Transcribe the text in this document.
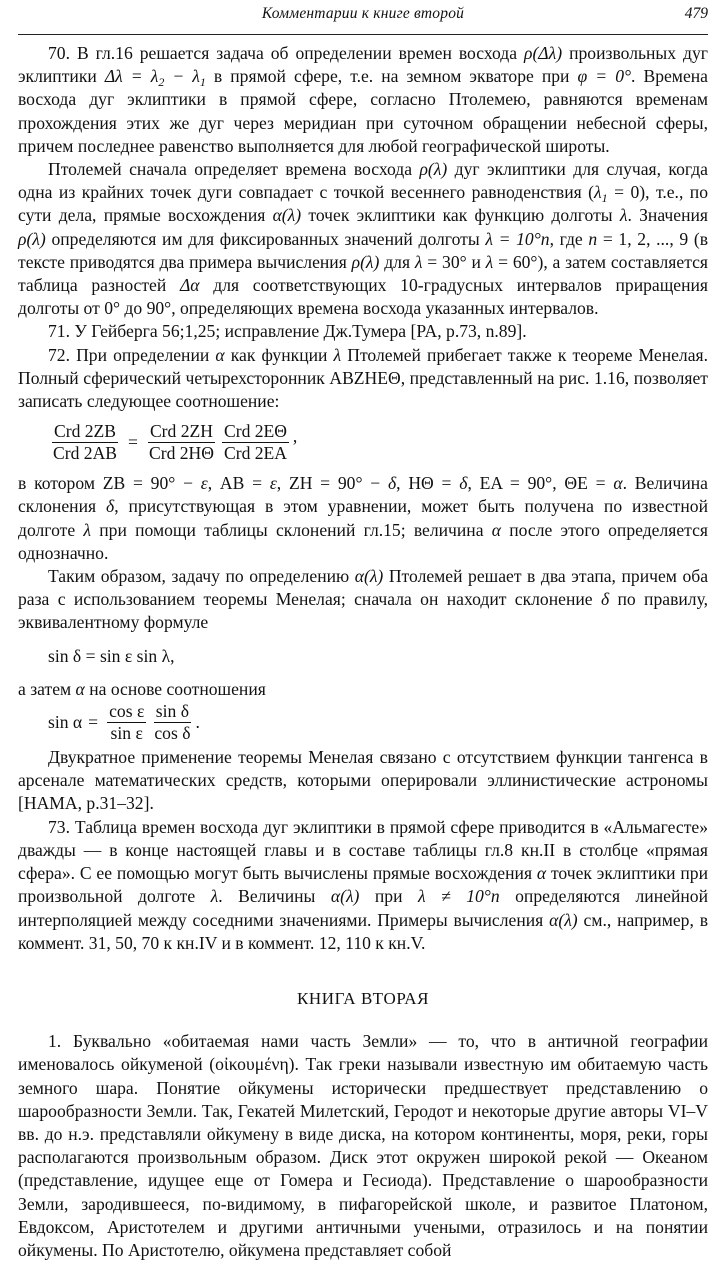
Комментарии к книге второй	479

70. В гл.16 решается задача об определении времен восхода ρ(Δλ) произвольных дуг эклиптики $\Delta\lambda = \lambda_2 - \lambda_1$ в прямой сфере, т.е. на земном экваторе при φ = 0°. Времена восхода дуг эклиптики в прямой сфере, согласно Птолемею, равняются временам прохождения этих же дуг через меридиан при суточном обращении небесной сферы, причем последнее равенство выполняется для любой географической широты.

Птолемей сначала определяет времена восхода ρ(λ) дуг эклиптики для случая, когда одна из крайних точек дуги совпадает с точкой весеннего равноденствия $(\lambda_1 = 0)$, т.е., по сути дела, прямые восхождения α(λ) точек эклиптики как функцию долготы λ. Значения ρ(λ) определяются им для фиксированных значений долготы λ = 10°n, где n = 1, 2, ..., 9 (в тексте приводятся два примера вычисления ρ(λ) для λ = 30° и λ = 60°), а затем составляется таблица разностей Δα для соответствующих 10-градусных интервалов приращения долготы от 0° до 90°, определяющих времена восхода указанных интервалов.

71. У Гейберга 56;1,25; исправление Дж.Тумера [PA, p.73, n.89].

72. При определении α как функции λ Птолемей прибегает также к теореме Менелая. Полный сферический четырехсторонник ABZHEΘ, представленный на рис. 1.16, позволяет записать следующее соотношение:

$\frac{\text{Crd 2ZB}}{\text{Crd 2AB}} = \frac{\text{Crd 2ZH}}{\text{Crd 2HΘ}} \frac{\text{Crd 2EΘ}}{\text{Crd 2EA}}$ ’

в котором ZB = 90° − ε, AB = ε, ZH = 90° − δ, HΘ = δ, EA = 90°, ΘE = α. Величина склонения δ, присутствующая в этом уравнении, может быть получена по известной долготе λ при помощи таблицы склонений гл.15; величина α после этого определяется однозначно.

Таким образом, задачу по определению α(λ) Птолемей решает в два этапа, причем оба раза с использованием теоремы Менелая; сначала он находит склонение δ по правилу, эквивалентному формуле

sin δ = sin ε sin λ,

а затем α на основе соотношения

$\sin \alpha = \frac{\text{cos ε}}{\text{sin ε}} \frac{\text{sin δ}}{\text{cos δ}}$ .

Двукратное применение теоремы Менелая связано с отсутствием функции тангенса в арсенале математических средств, которыми оперировали эллинистические астрономы [HAMA, p.31–32].

73. Таблица времен восхода дуг эклиптики в прямой сфере приводится в «Альмагесте» дважды — в конце настоящей главы и в составе таблицы гл.8 кн.II в столбце «прямая сфера». С ее помощью могут быть вычислены прямые восхождения α точек эклиптики при произвольной долготе λ. Величины α(λ) при λ ≠ 10°n определяются линейной интерполяцией между соседними значениями. Примеры вычисления α(λ) см., например, в коммент. 31, 50, 70 к кн.IV и в коммент. 12, 110 к кн.V.

КНИГА ВТОРАЯ

1. Буквально «обитаемая нами часть Земли» — то, что в античной географии именовалось ойкуменой (οἰκουμένη). Так греки называли известную им обитаемую часть земного шара. Понятие ойкумены исторически предшествует представлению о шарообразности Земли. Так, Гекатей Милетский, Геродот и некоторые другие авторы VI–V вв. до н.э. представляли ойкумену в виде диска, на котором континенты, моря, реки, горы располагаются произвольным образом. Диск этот окружен широкой рекой — Океаном (представление, идущее еще от Гомера и Гесиода). Представление о шарообразности Земли, зародившееся, по-видимому, в пифагорейской школе, и развитое Платоном, Евдоксом, Аристотелем и другими античными учеными, отразилось и на понятии ойкумены. По Аристотелю, ойкумена представляет собой
